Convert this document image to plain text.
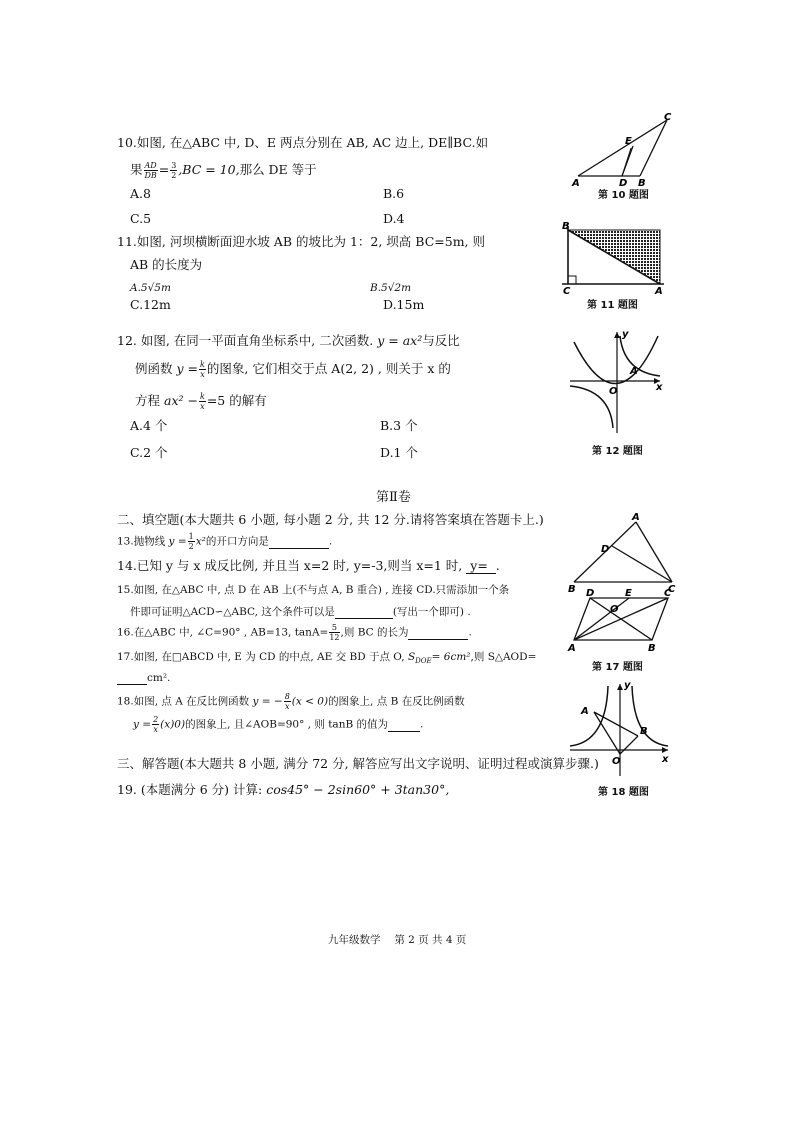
10.如图, 在△ABC 中, D、E 两点分别在 AB, AC 边上, DE∥BC.如
果 $\frac{AD}{DB} = \frac{3}{2} ,BC = 10$,那么 DE 等于
A.8	B.6
C.5	D.4
A	D B
E
C
第 10 题图
11.如图, 河坝横断面迎水坡 AB 的坡比为 1：2, 坝高 BC=5m, 则
AB 的长度为
A.5√5m	B.5√2m
C.12m	D.15m
B
C	A
第 11 题图
12. 如图, 在同一平面直角坐标系中, 二次函数. y = ax²与反比
例函数 $y = \frac{k}{x}$ 的图象, 它们相交于点 A(2, 2) , 则关于 x 的
方程 $ax^2 - \frac{k}{x} =5$ 的解有
A.4 个	B.3 个
C.2 个	D.1 个
y
x
O
A
第 12 题图
第Ⅱ卷
二、填空题(本大题共 6 小题, 每小题 2 分, 共 12 分.请将答案填在答题卡上.)
13.抛物线 $y = \frac{1}{2} x^2$的开口方向是	.
14.已知 y 与 x 成反比例, 并且当 x=2 时, y=-3,则当 x=1 时, y= .
15.如图, 在△ABC 中, 点 D 在 AB 上(不与点 A, B 重合) , 连接 CD.只需添加一个条
件即可证明△ACD∽△ABC, 这个条件可以是	(写出一个即可) .
16.在△ABC 中, ∠C=90° , AB=13, $\tan A= \frac{5}{12}$ ,则 BC 的长为	.
17.如图, 在□ABCD 中, E 为 CD 的中点, AE 交 BD 于点 O, $S_{DOE}= 6cm^2$,则 S△AOD=
cm².
18.如图, 点 A 在反比例函数 y = − $\frac{8}{x} (x < 0)$的图象上, 点 B 在反比例函数
$y = \frac{2}{x} (x)0$)的图象上, 且∠AOB=90° , 则 tanB 的值为	.
A
D
B	C
D	E	C
O
A	B
第 17 题图
y
x
A
B
O
第 18 题图
三、解答题(本大题共 8 小题, 满分 72 分, 解答应写出文字说明、证明过程或演算步骤.)
19. (本题满分 6 分) 计算: cos45° − 2sin60° + 3tan30°,
九年级数学　 第 2 页 共 4 页
